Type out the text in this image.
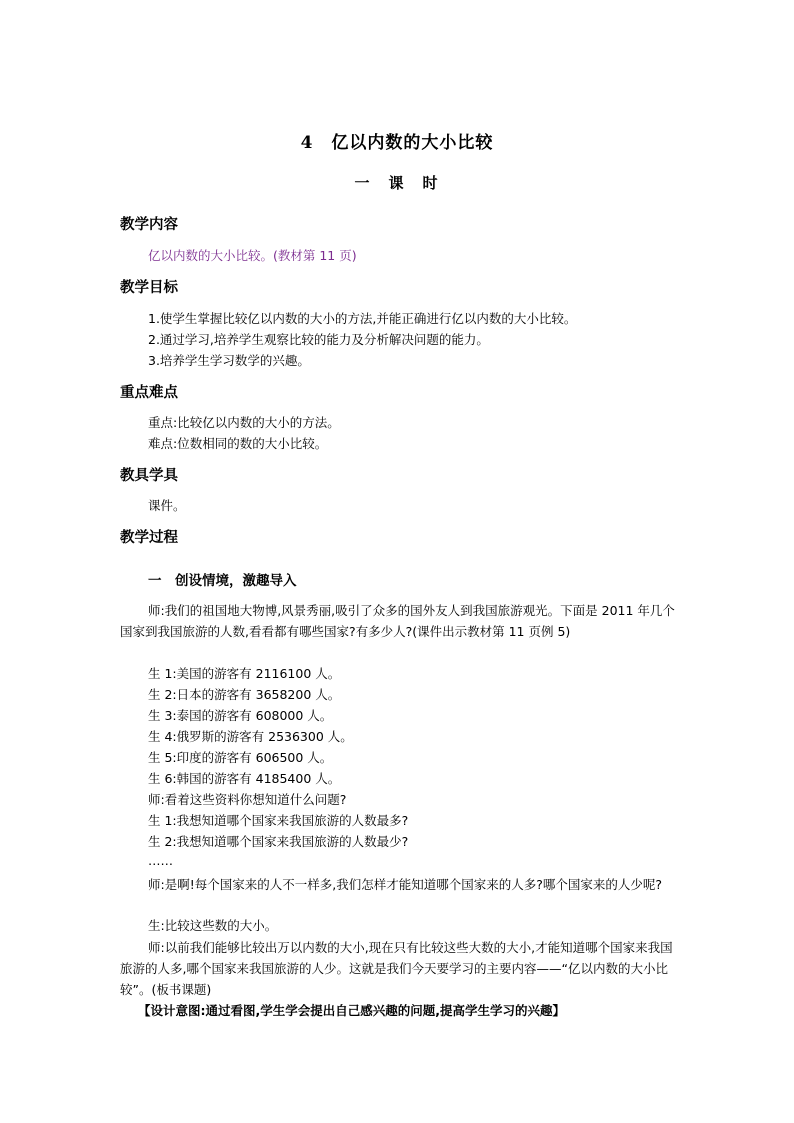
4　亿以内数的大小比较
一　课　时
教学内容
亿以内数的大小比较。(教材第 11 页)
教学目标
1.使学生掌握比较亿以内数的大小的方法,并能正确进行亿以内数的大小比较。
2.通过学习,培养学生观察比较的能力及分析解决问题的能力。
3.培养学生学习数学的兴趣。
重点难点
重点:比较亿以内数的大小的方法。
难点:位数相同的数的大小比较。
教具学具
课件。
教学过程
一　创设情境，激趣导入
师:我们的祖国地大物博,风景秀丽,吸引了众多的国外友人到我国旅游观光。下面是 2011 年几个国家到我国旅游的人数,看看都有哪些国家?有多少人?(课件出示教材第 11 页例 5)
生 1:美国的游客有 2116100 人。
生 2:日本的游客有 3658200 人。
生 3:泰国的游客有 608000 人。
生 4:俄罗斯的游客有 2536300 人。
生 5:印度的游客有 606500 人。
生 6:韩国的游客有 4185400 人。
师:看着这些资料你想知道什么问题?
生 1:我想知道哪个国家来我国旅游的人数最多?
生 2:我想知道哪个国家来我国旅游的人数最少?
……
师:是啊!每个国家来的人不一样多,我们怎样才能知道哪个国家来的人多?哪个国家来的人少呢?
生:比较这些数的大小。
师:以前我们能够比较出万以内数的大小,现在只有比较这些大数的大小,才能知道哪个国家来我国旅游的人多,哪个国家来我国旅游的人少。这就是我们今天要学习的主要内容——“亿以内数的大小比较”。(板书课题)
【设计意图:通过看图,学生学会提出自己感兴趣的问题,提高学生学习的兴趣】
